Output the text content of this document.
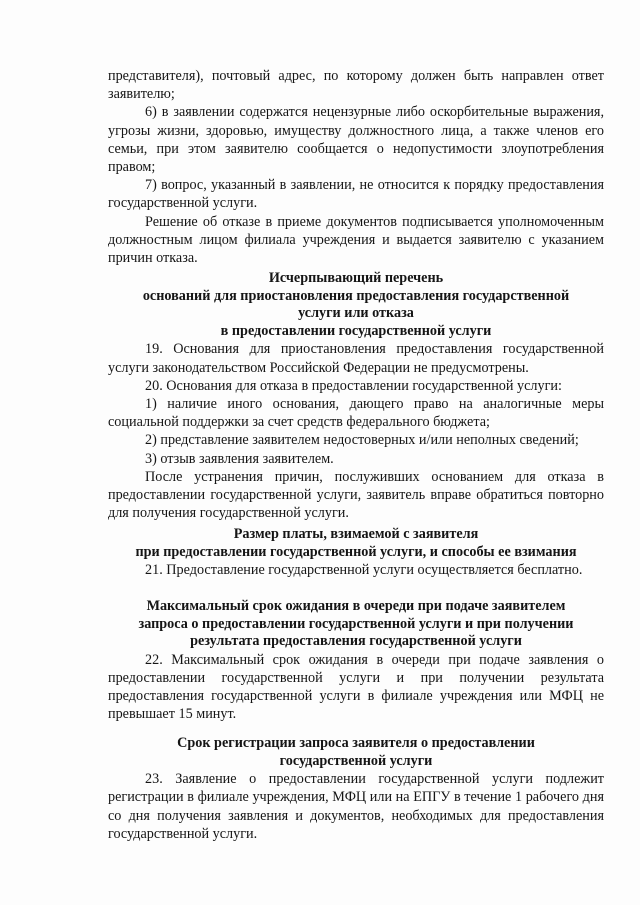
представителя), почтовый адрес, по которому должен быть направлен ответ заявителю;

6) в заявлении содержатся нецензурные либо оскорбительные выражения, угрозы жизни, здоровью, имуществу должностного лица, а также членов его семьи, при этом заявителю сообщается о недопустимости злоупотребления правом;

7) вопрос, указанный в заявлении, не относится к порядку предоставления государственной услуги.

Решение об отказе в приеме документов подписывается уполномоченным должностным лицом филиала учреждения и выдается заявителю с указанием причин отказа.

Исчерпывающий перечень
оснований для приостановления предоставления государственной
услуги или отказа
в предоставлении государственной услуги

19. Основания для приостановления предоставления государственной услуги законодательством Российской Федерации не предусмотрены.

20. Основания для отказа в предоставлении государственной услуги:

1) наличие иного основания, дающего право на аналогичные меры социальной поддержки за счет средств федерального бюджета;

2) представление заявителем недостоверных и/или неполных сведений;

3) отзыв заявления заявителем.

После устранения причин, послуживших основанием для отказа в предоставлении государственной услуги, заявитель вправе обратиться повторно для получения государственной услуги.

Размер платы, взимаемой с заявителя
при предоставлении государственной услуги, и способы ее взимания

21. Предоставление государственной услуги осуществляется бесплатно.

Максимальный срок ожидания в очереди при подаче заявителем
запроса о предоставлении государственной услуги и при получении
результата предоставления государственной услуги

22. Максимальный срок ожидания в очереди при подаче заявления о предоставлении государственной услуги и при получении результата предоставления государственной услуги в филиале учреждения или МФЦ не превышает 15 минут.

Срок регистрации запроса заявителя о предоставлении
государственной услуги

23. Заявление о предоставлении государственной услуги подлежит регистрации в филиале учреждения, МФЦ или на ЕПГУ в течение 1 рабочего дня со дня получения заявления и документов, необходимых для предоставления государственной услуги.
